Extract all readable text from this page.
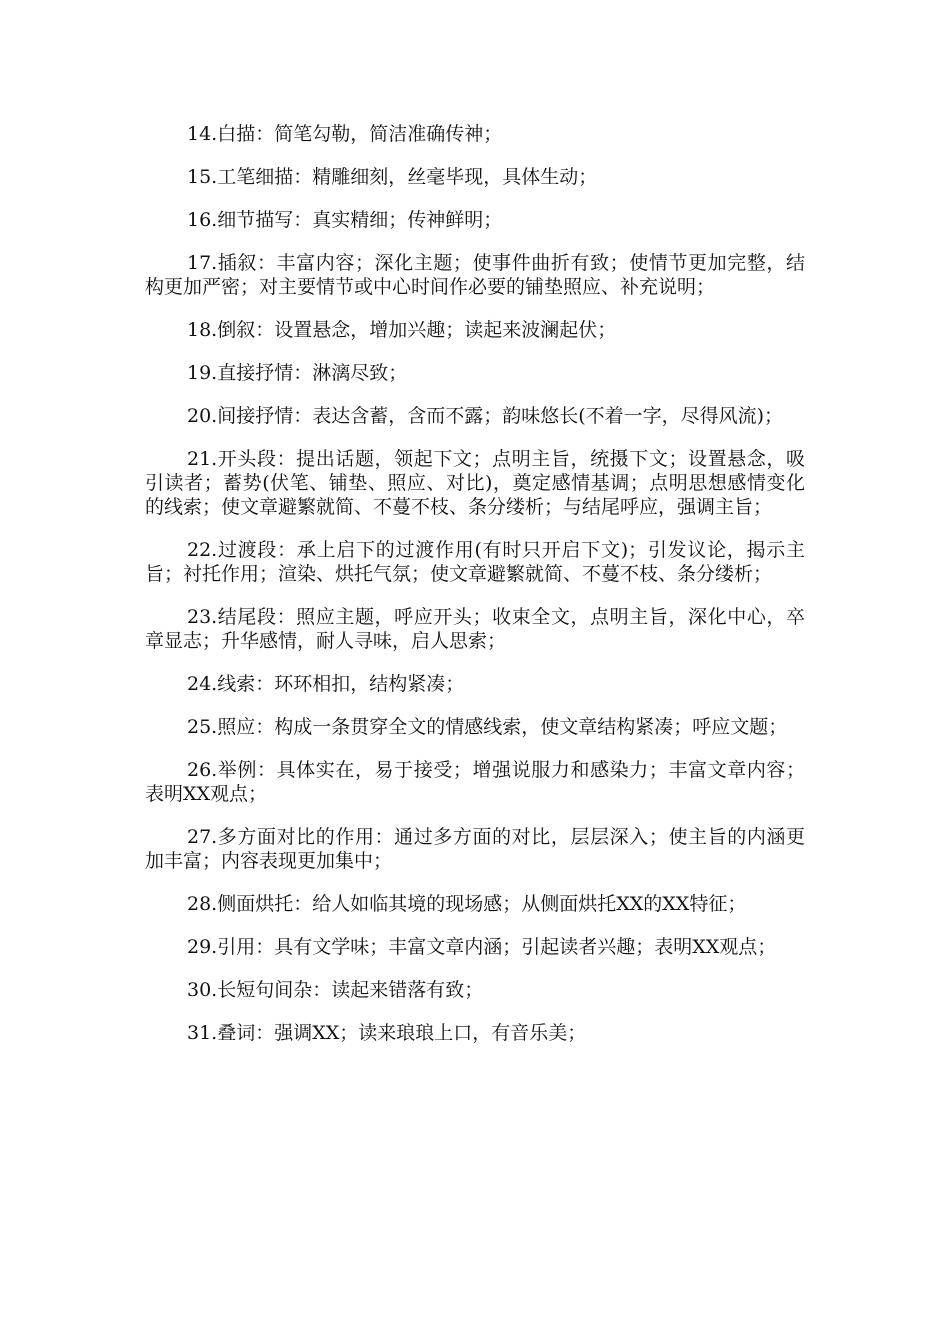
14.白描：简笔勾勒，简洁准确传神；

15.工笔细描：精雕细刻，丝毫毕现，具体生动；

16.细节描写：真实精细；传神鲜明；

17.插叙：丰富内容；深化主题；使事件曲折有致；使情节更加完整，结构更加严密；对主要情节或中心时间作必要的铺垫照应、补充说明；

18.倒叙：设置悬念，增加兴趣；读起来波澜起伏；

19.直接抒情：淋漓尽致；

20.间接抒情：表达含蓄，含而不露；韵味悠长(不着一字，尽得风流)；

21.开头段：提出话题，领起下文；点明主旨，统摄下文；设置悬念，吸引读者；蓄势(伏笔、铺垫、照应、对比)，奠定感情基调；点明思想感情变化的线索；使文章避繁就简、不蔓不枝、条分缕析；与结尾呼应，强调主旨；

22.过渡段：承上启下的过渡作用(有时只开启下文)；引发议论，揭示主旨；衬托作用；渲染、烘托气氛；使文章避繁就简、不蔓不枝、条分缕析；

23.结尾段：照应主题，呼应开头；收束全文，点明主旨，深化中心，卒章显志；升华感情，耐人寻味，启人思索；

24.线索：环环相扣，结构紧凑；

25.照应：构成一条贯穿全文的情感线索，使文章结构紧凑；呼应文题；

26.举例：具体实在，易于接受；增强说服力和感染力；丰富文章内容；表明XX观点；

27.多方面对比的作用：通过多方面的对比，层层深入；使主旨的内涵更加丰富；内容表现更加集中；

28.侧面烘托：给人如临其境的现场感；从侧面烘托XX的XX特征；

29.引用：具有文学味；丰富文章内涵；引起读者兴趣；表明XX观点；

30.长短句间杂：读起来错落有致；

31.叠词：强调XX；读来琅琅上口，有音乐美；
